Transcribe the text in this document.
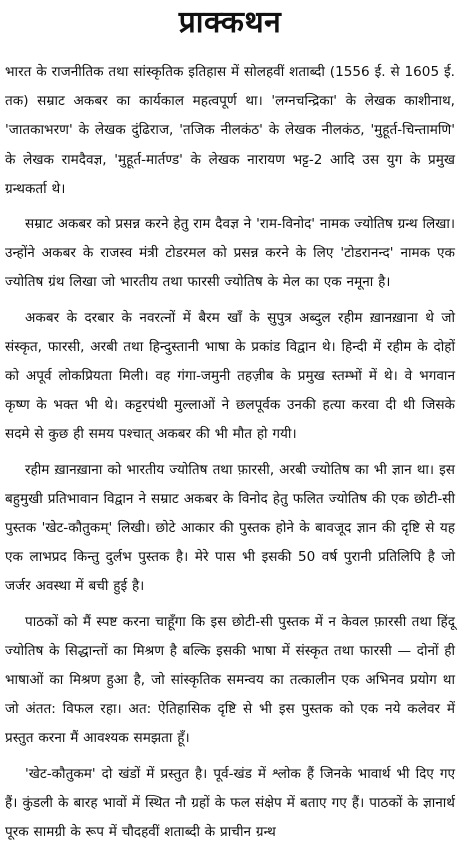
प्राक्कथन

भारत के राजनीतिक तथा सांस्कृतिक इतिहास में सोलहवीं शताब्दी (1556 ई. से 1605 ई. तक) सम्राट अकबर का कार्यकाल महत्वपूर्ण था। 'लग्नचन्द्रिका' के लेखक काशीनाथ, 'जातकाभरण' के लेखक दुंढिराज, 'तजिक नीलकंठ' के लेखक नीलकंठ, 'मुहूर्त-चिन्तामणि' के लेखक रामदैवज्ञ, 'मुहूर्त-मार्तण्ड' के लेखक नारायण भट्ट-2 आदि उस युग के प्रमुख ग्रन्थकर्ता थे।

सम्राट अकबर को प्रसन्न करने हेतु राम दैवज्ञ ने 'राम-विनोद' नामक ज्योतिष ग्रन्थ लिखा। उन्होंने अकबर के राजस्व मंत्री टोडरमल को प्रसन्न करने के लिए 'टोडरानन्द' नामक एक ज्योतिष ग्रंथ लिखा जो भारतीय तथा फारसी ज्योतिष के मेल का एक नमूना है।

अकबर के दरबार के नवरत्नों में बैरम खाँ के सुपुत्र अब्दुल रहीम ख़ानख़ाना थे जो संस्कृत, फारसी, अरबी तथा हिन्दुस्तानी भाषा के प्रकांड विद्वान थे। हिन्दी में रहीम के दोहों को अपूर्व लोकप्रियता मिली। वह गंगा-जमुनी तहज़ीब के प्रमुख स्तम्भों में थे। वे भगवान कृष्ण के भक्त भी थे। कट्टरपंथी मुल्लाओं ने छलपूर्वक उनकी हत्या करवा दी थी जिसके सदमे से कुछ ही समय पश्चात् अकबर की भी मौत हो गयी।

रहीम ख़ानख़ाना को भारतीय ज्योतिष तथा फ़ारसी, अरबी ज्योतिष का भी ज्ञान था। इस बहुमुखी प्रतिभावान विद्वान ने सम्राट अकबर के विनोद हेतु फलित ज्योतिष की एक छोटी-सी पुस्तक 'खेट-कौतुकम्' लिखी। छोटे आकार की पुस्तक होने के बावजूद ज्ञान की दृष्टि से यह एक लाभप्रद किन्तु दुर्लभ पुस्तक है। मेरे पास भी इसकी 50 वर्ष पुरानी प्रतिलिपि है जो जर्जर अवस्था में बची हुई है।

पाठकों को मैं स्पष्ट करना चाहूँगा कि इस छोटी-सी पुस्तक में न केवल फ़ारसी तथा हिंदू ज्योतिष के सिद्धान्तों का मिश्रण है बल्कि इसकी भाषा में संस्कृत तथा फारसी — दोनों ही भाषाओं का मिश्रण हुआ है, जो सांस्कृतिक समन्वय का तत्कालीन एक अभिनव प्रयोग था जो अंतत: विफल रहा। अत: ऐतिहासिक दृष्टि से भी इस पुस्तक को एक नये कलेवर में प्रस्तुत करना मैं आवश्यक समझता हूँ।

'खेट-कौतुकम' दो खंडों में प्रस्तुत है। पूर्व-खंड में श्लोक हैं जिनके भावार्थ भी दिए गए हैं। कुंडली के बारह भावों में स्थित नौ ग्रहों के फल संक्षेप में बताए गए हैं। पाठकों के ज्ञानार्थ पूरक सामग्री के रूप में चौदहवीं शताब्दी के प्राचीन ग्रन्थ
